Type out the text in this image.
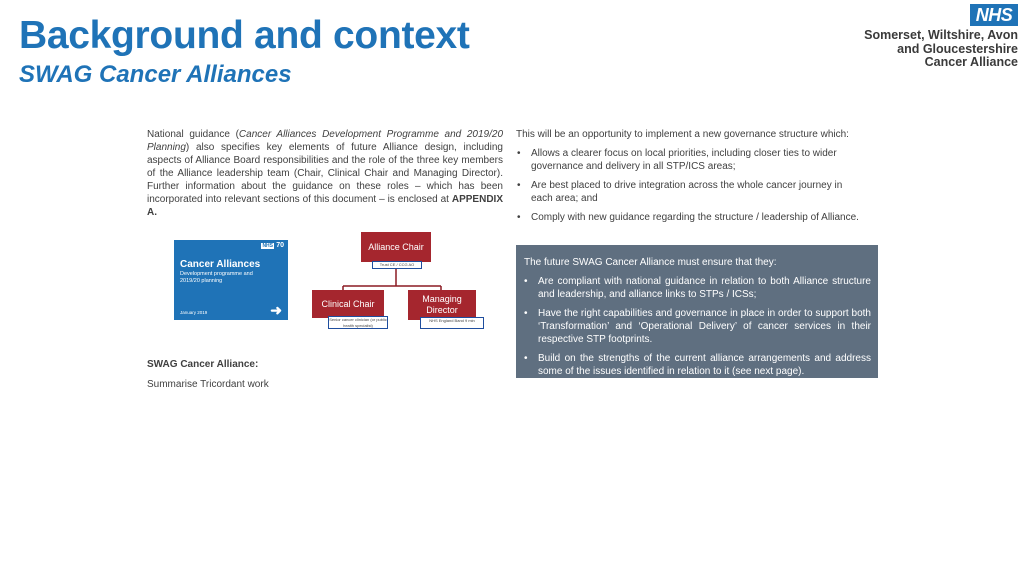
Background and context
SWAG Cancer Alliances
NHS
Somerset, Wiltshire, Avon
and Gloucestershire
Cancer Alliance
National guidance (Cancer Alliances Development Programme and 2019/20 Planning) also specifies key elements of future Alliance design, including aspects of Alliance Board responsibilities and the role of the three key members of the Alliance leadership team (Chair, Clinical Chair and Managing Director). Further information about the guidance on these roles – which has been incorporated into relevant sections of this document – is enclosed at APPENDIX A.
This will be an opportunity to implement a new governance structure which:
• Allows a clearer focus on local priorities, including closer ties to wider governance and delivery in all STP/ICS areas;
• Are best placed to drive integration across the whole cancer journey in each area; and
• Comply with new guidance regarding the structure / leadership of Alliance.
The future SWAG Cancer Alliance must ensure that they:
• Are compliant with national guidance in relation to both Alliance structure and leadership, and alliance links to STPs / ICSs;
• Have the right capabilities and governance in place in order to support both ‘Transformation’ and ‘Operational Delivery’ of cancer services in their respective STP footprints.
• Build on the strengths of the current alliance arrangements and address some of the issues identified in relation to it (see next page).
NHS 70
Cancer Alliances
Development programme and 2019/20 planning
January 2019	➜
Alliance Chair
Trust CE / CCG AO
Clinical Chair
Senior cancer clinician (or public health specialist)
Managing
Director
NHS England Band 9 min
SWAG Cancer Alliance:
Summarise Tricordant work
